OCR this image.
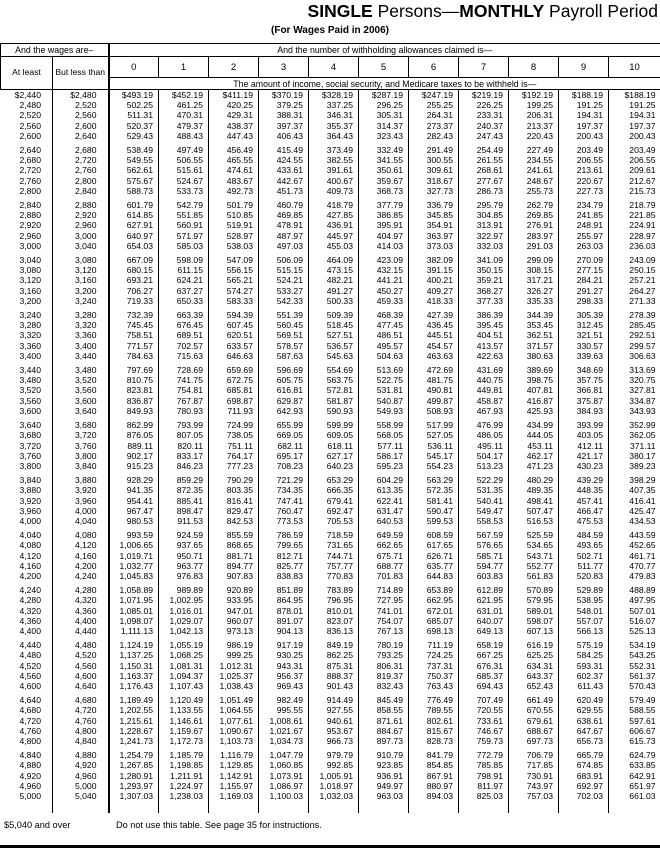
SINGLE Persons—MONTHLY Payroll Period
(For Wages Paid in 2006)
And the wages are–		And the number of withholding allowances claimed is—										
At least	But less than	0	1	2	3	4	5	6	7	8	9	10
		The amount of income, social security, and Medicare taxes to be withheld is—										
$2,440	$2,480	$493.19	$452.19	$411.19	$370.19	$328.19	$287.19	$247.19	$219.19	$192.19	$188.19	$188.19
2,480	2,520	502.25	461.25	420.25	379.25	337.25	296.25	255.25	226.25	199.25	191.25	191.25
2,520	2,560	511.31	470.31	429.31	388.31	346.31	305.31	264.31	233.31	206.31	194.31	194.31
2,560	2,600	520.37	479.37	438.37	397.37	355.37	314.37	273.37	240.37	213.37	197.37	197.37
2,600	2,640	529.43	488.43	447.43	406.43	364.43	323.43	282.43	247.43	220.43	200.43	200.43

2,640	2,680	538.49	497.49	456.49	415.49	373.49	332.49	291.49	254.49	227.49	203.49	203.49
2,680	2,720	549.55	506.55	465.55	424.55	382.55	341.55	300.55	261.55	234.55	206.55	206.55
2,720	2,760	562.61	515.61	474.61	433.61	391.61	350.61	309.61	268.61	241.61	213.61	209.61
2,760	2,800	575.67	524.67	483.67	442.67	400.67	359.67	318.67	277.67	248.67	220.67	212.67
2,800	2,840	588.73	533.73	492.73	451.73	409.73	368.73	327.73	286.73	255.73	227.73	215.73

2,840	2,880	601.79	542.79	501.79	460.79	418.79	377.79	336.79	295.79	262.79	234.79	218.79
2,880	2,920	614.85	551.85	510.85	469.85	427.85	386.85	345.85	304.85	269.85	241.85	221.85
2,920	2,960	627.91	560.91	519.91	478.91	436.91	395.91	354.91	313.91	276.91	248.91	224.91
2,960	3,000	640.97	571.97	528.97	487.97	445.97	404.97	363.97	322.97	283.97	255.97	228.97
3,000	3,040	654.03	585.03	538.03	497.03	455.03	414.03	373.03	332.03	291.03	263.03	236.03

3,040	3,080	667.09	598.09	547.09	506.09	464.09	423.09	382.09	341.09	299.09	270.09	243.09
3,080	3,120	680.15	611.15	556.15	515.15	473.15	432.15	391.15	350.15	308.15	277.15	250.15
3,120	3,160	693.21	624.21	565.21	524.21	482.21	441.21	400.21	359.21	317.21	284.21	257.21
3,160	3,200	706.27	637.27	574.27	533.27	491.27	450.27	409.27	368.27	326.27	291.27	264.27
3,200	3,240	719.33	650.33	583.33	542.33	500.33	459.33	418.33	377.33	335.33	298.33	271.33

3,240	3,280	732.39	663.39	594.39	551.39	509.39	468.39	427.39	386.39	344.39	305.39	278.39
3,280	3,320	745.45	676.45	607.45	560.45	518.45	477.45	436.45	395.45	353.45	312.45	285.45
3,320	3,360	758.51	689.51	620.51	569.51	527.51	486.51	445.51	404.51	362.51	321.51	292.51
3,360	3,400	771.57	702.57	633.57	578.57	536.57	495.57	454.57	413.57	371.57	330.57	299.57
3,400	3,440	784.63	715.63	646.63	587.63	545.63	504.63	463.63	422.63	380.63	339.63	306.63

3,440	3,480	797.69	728.69	659.69	596.69	554.69	513.69	472.69	431.69	389.69	348.69	313.69
3,480	3,520	810.75	741.75	672.75	605.75	563.75	522.75	481.75	440.75	398.75	357.75	320.75
3,520	3,560	823.81	754.81	685.81	616.81	572.81	531.81	490.81	449.81	407.81	366.81	327.81
3,560	3,600	836.87	767.87	698.87	629.87	581.87	540.87	499.87	458.87	416.87	375.87	334.87
3,600	3,640	849.93	780.93	711.93	642.93	590.93	549.93	508.93	467.93	425.93	384.93	343.93

3,640	3,680	862.99	793.99	724.99	655.99	599.99	558.99	517.99	476.99	434.99	393.99	352.99
3,680	3,720	876.05	807.05	738.05	669.05	609.05	568.05	527.05	486.05	444.05	403.05	362.05
3,720	3,760	889.11	820.11	751.11	682.11	618.11	577.11	536.11	495.11	453.11	412.11	371.11
3,760	3,800	902.17	833.17	764.17	695.17	627.17	586.17	545.17	504.17	462.17	421.17	380.17
3,800	3,840	915.23	846.23	777.23	708.23	640.23	595.23	554.23	513.23	471.23	430.23	389.23

3,840	3,880	928.29	859.29	790.29	721.29	653.29	604.29	563.29	522.29	480.29	439.29	398.29
3,880	3,920	941.35	872.35	803.35	734.35	666.35	613.35	572.35	531.35	489.35	448.35	407.35
3,920	3,960	954.41	885.41	816.41	747.41	679.41	622.41	581.41	540.41	498.41	457.41	416.41
3,960	4,000	967.47	898.47	829.47	760.47	692.47	631.47	590.47	549.47	507.47	466.47	425.47
4,000	4,040	980.53	911.53	842.53	773.53	705.53	640.53	599.53	558.53	516.53	475.53	434.53

4,040	4,080	993.59	924.59	855.59	786.59	718.59	649.59	608.59	567.59	525.59	484.59	443.59
4,080	4,120	1,006.65	937.65	868.65	799.65	731.65	662.65	617.65	576.65	534.65	493.65	452.65
4,120	4,160	1,019.71	950.71	881.71	812.71	744.71	675.71	626.71	585.71	543.71	502.71	461.71
4,160	4,200	1,032.77	963.77	894.77	825.77	757.77	688.77	635.77	594.77	552.77	511.77	470.77
4,200	4,240	1,045.83	976.83	907.83	838.83	770.83	701.83	644.83	603.83	561.83	520.83	479.83

4,240	4,280	1,058.89	989.89	920.89	851.89	783.89	714.89	653.89	612.89	570.89	529.89	488.89
4,280	4,320	1,071.95	1,002.95	933.95	864.95	796.95	727.95	662.95	621.95	579.95	538.95	497.95
4,320	4,360	1,085.01	1,016.01	947.01	878.01	810.01	741.01	672.01	631.01	589.01	548.01	507.01
4,360	4,400	1,098.07	1,029.07	960.07	891.07	823.07	754.07	685.07	640.07	598.07	557.07	516.07
4,400	4,440	1,111.13	1,042.13	973.13	904.13	836.13	767.13	698.13	649.13	607.13	566.13	525.13

4,440	4,480	1,124.19	1,055.19	986.19	917.19	849.19	780.19	711.19	658.19	616.19	575.19	534.19
4,480	4,520	1,137.25	1,068.25	999.25	930.25	862.25	793.25	724.25	667.25	625.25	584.25	543.25
4,520	4,560	1,150.31	1,081.31	1,012.31	943.31	875.31	806.31	737.31	676.31	634.31	593.31	552.31
4,560	4,600	1,163.37	1,094.37	1,025.37	956.37	888.37	819.37	750.37	685.37	643.37	602.37	561.37
4,600	4,640	1,176.43	1,107.43	1,038.43	969.43	901.43	832.43	763.43	694.43	652.43	611.43	570.43

4,640	4,680	1,189.49	1,120.49	1,051.49	982.49	914.49	845.49	776.49	707.49	661.49	620.49	579.49
4,680	4,720	1,202.55	1,133.55	1,064.55	995.55	927.55	858.55	789.55	720.55	670.55	629.55	588.55
4,720	4,760	1,215.61	1,146.61	1,077.61	1,008.61	940.61	871.61	802.61	733.61	679.61	638.61	597.61
4,760	4,800	1,228.67	1,159.67	1,090.67	1,021.67	953.67	884.67	815.67	746.67	688.67	647.67	606.67
4,800	4,840	1,241.73	1,172.73	1,103.73	1,034.73	966.73	897.73	828.73	759.73	697.73	656.73	615.73

4,840	4,880	1,254.79	1,185.79	1,116.79	1,047.79	979.79	910.79	841.79	772.79	706.79	665.79	624.79
4,880	4,920	1,267.85	1,198.85	1,129.85	1,060.85	992.85	923.85	854.85	785.85	717.85	674.85	633.85
4,920	4,960	1,280.91	1,211.91	1,142.91	1,073.91	1,005.91	936.91	867.91	798.91	730.91	683.91	642.91
4,960	5,000	1,293.97	1,224.97	1,155.97	1,086.97	1,018.97	949.97	880.97	811.97	743.97	692.97	651.97
5,000	5,040	1,307.03	1,238.03	1,169.03	1,100.03	1,032.03	963.03	894.03	825.03	757.03	702.03	661.03

$5,040 and over	Do not use this table. See page 35 for instructions.
